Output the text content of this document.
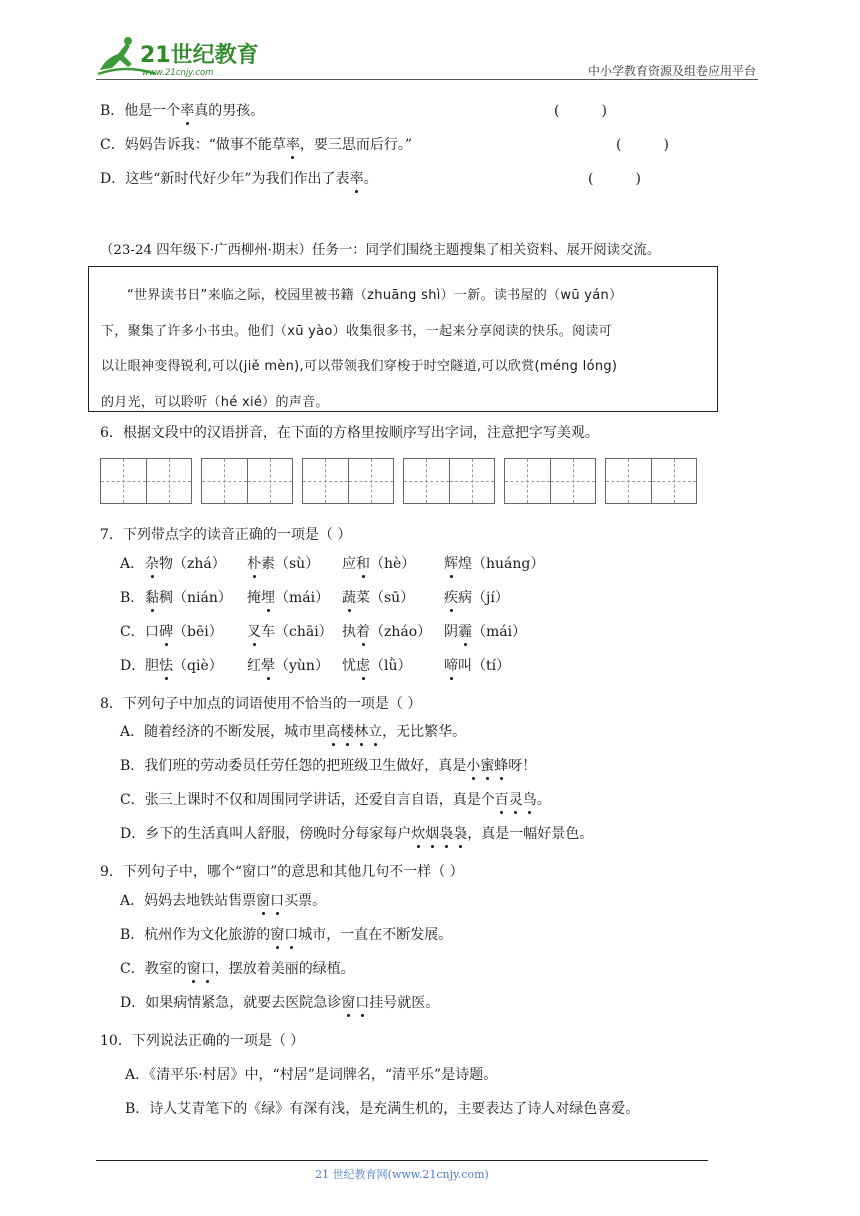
21世纪教育
www.21cnjy.com	中小学教育资源及组卷应用平台
B．他是一个率真的男孩。	(　　　)
C．妈妈告诉我：“做事不能草率，要三思而后行。”	(　　　)
D．这些“新时代好少年”为我们作出了表率。	(　　　)
（23-24 四年级下·广西柳州·期末）任务一：同学们围绕主题搜集了相关资料、展开阅读交流。

“世界读书日”来临之际，校园里被书籍（zhuāng shì）一新。读书屋的（wū yán）

下，聚集了许多小书虫。他们（xū yào）收集很多书，一起来分享阅读的快乐。阅读可

以让眼神变得锐利,可以(jiě mèn),可以带领我们穿梭于时空隧道,可以欣赏(méng lóng)

的月光，可以聆听（hé xié）的声音。

6．根据文段中的汉语拼音，在下面的方格里按顺序写出字词，注意把字写美观。
7．下列带点字的读音正确的一项是（ ）
A． 杂物（zhá） 朴素（sù） 应和（hè） 辉煌（huáng）
B． 黏稠（nián） 掩埋（mái） 蔬菜（sū） 疾病（jí）
C． 口碑（bēi） 叉车（chāi） 执着（zháo） 阴霾（mái）
D． 胆怯（qiè） 红晕（yùn） 忧虑（lǜ） 啼叫（tí）
8．下列句子中加点的词语使用不恰当的一项是（ ）
A．随着经济的不断发展，城市里高楼林立，无比繁华。
B．我们班的劳动委员任劳任怨的把班级卫生做好，真是小蜜蜂呀！
C．张三上课时不仅和周围同学讲话，还爱自言自语，真是个百灵鸟。
D．乡下的生活真叫人舒服，傍晚时分每家每户炊烟袅袅，真是一幅好景色。
9．下列句子中，哪个“窗口”的意思和其他几句不一样（ ）
A．妈妈去地铁站售票窗口买票。
B．杭州作为文化旅游的窗口城市，一直在不断发展。
C．教室的窗口，摆放着美丽的绿植。
D．如果病情紧急，就要去医院急诊窗口挂号就医。
10．下列说法正确的一项是（ ）
A．《清平乐·村居》中，“村居”是词牌名，“清平乐”是诗题。
B．诗人艾青笔下的《绿》有深有浅，是充满生机的，主要表达了诗人对绿色喜爱。
21 世纪教育网(www.21cnjy.com)
